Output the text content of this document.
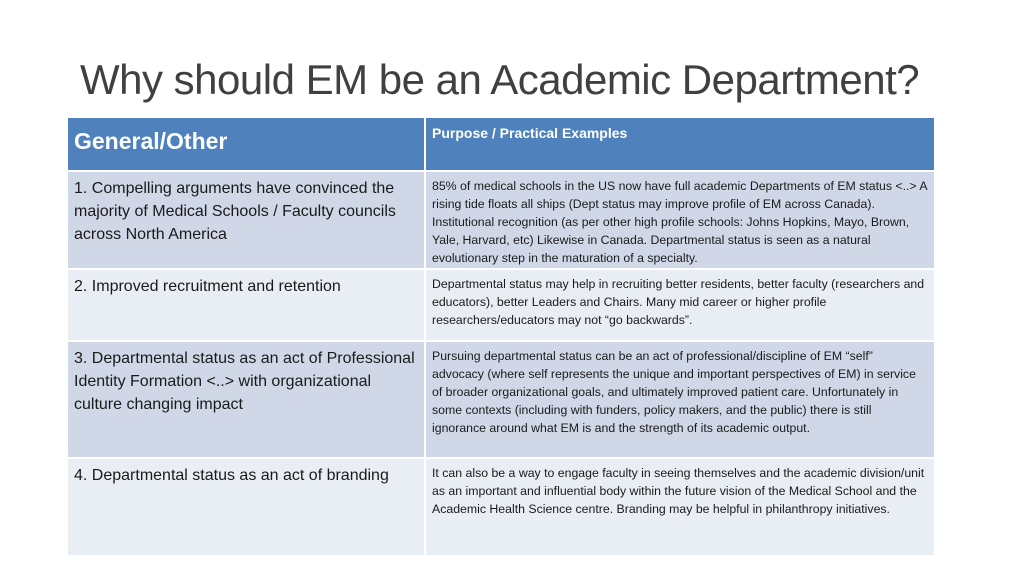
Why should EM be an Academic Department?
General/Other	Purpose / Practical Examples

1. Compelling arguments have convinced the majority of Medical Schools / Faculty councils across North America	85% of medical schools in the US now have full academic Departments of EM status <..> A rising tide floats all ships (Dept status may improve profile of EM across Canada). Institutional recognition (as per other high profile schools: Johns Hopkins, Mayo, Brown, Yale, Harvard, etc) Likewise in Canada. Departmental status is seen as a natural evolutionary step in the maturation of a specialty.

2. Improved recruitment and retention	Departmental status may help in recruiting better residents, better faculty (researchers and educators), better Leaders and Chairs. Many mid career or higher profile researchers/educators may not “go backwards”.

3. Departmental status as an act of Professional Identity Formation <..> with organizational culture changing impact	Pursuing departmental status can be an act of professional/discipline of EM “self” advocacy (where self represents the unique and important perspectives of EM) in service of broader organizational goals, and ultimately improved patient care. Unfortunately in some contexts (including with funders, policy makers, and the public) there is still ignorance around what EM is and the strength of its academic output.

4. Departmental status as an act of branding	It can also be a way to engage faculty in seeing themselves and the academic division/unit as an important and influential body within the future vision of the Medical School and the Academic Health Science centre. Branding may be helpful in philanthropy initiatives.
